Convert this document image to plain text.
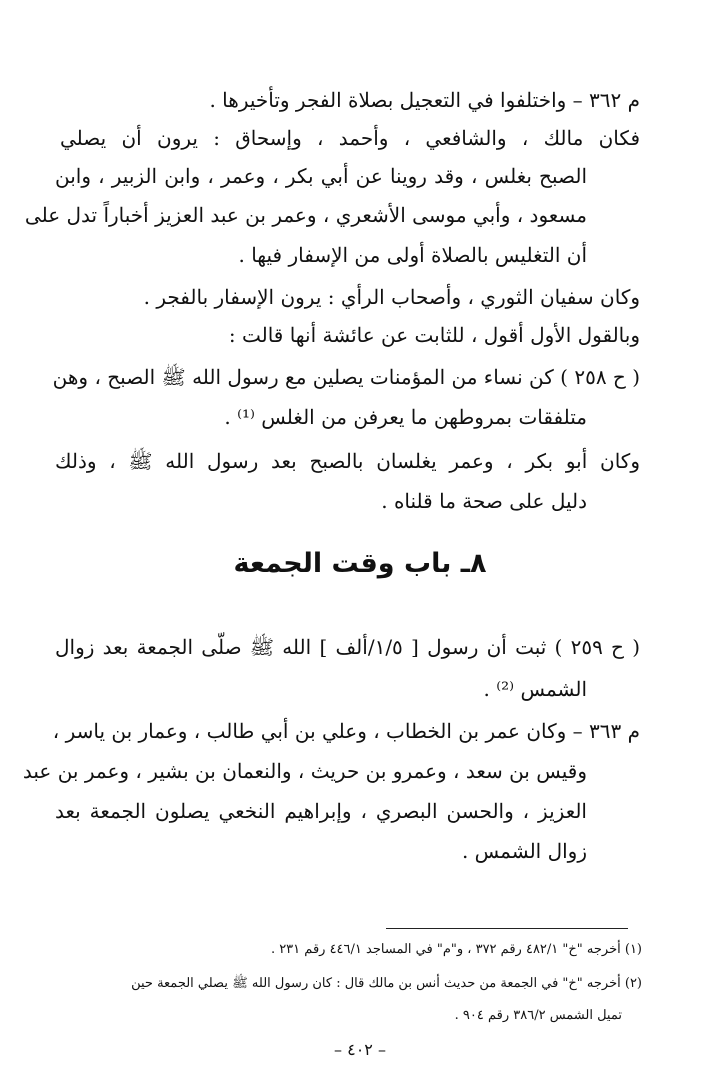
م ٣٦٢ – واختلفوا في التعجيل بصلاة الفجر وتأخيرها .
فكان مالك ، والشافعي ، وأحمد ، وإسحاق : يرون أن يصلي
الصبح بغلس ، وقد روينا عن أبي بكر ، وعمر ، وابن الزبير ، وابن
مسعود ، وأبي موسى الأشعري ، وعمر بن عبد العزيز أخباراً تدل على
أن التغليس بالصلاة أولى من الإسفار فيها .
وكان سفيان الثوري ، وأصحاب الرأي : يرون الإسفار بالفجر .
وبالقول الأول أقول ، للثابت عن عائشة أنها قالت :
( ح ٢٥٨ ) كن نساء من المؤمنات يصلين مع رسول الله ﷺ الصبح ، وهن
متلفقات بمروطهن ما يعرفن من الغلس ⁽¹⁾ .
وكان أبو بكر ، وعمر يغلسان بالصبح بعد رسول الله ﷺ ، وذلك
دليل على صحة ما قلناه .
٨ـ باب وقت الجمعة
( ح ٢٥٩ ) ثبت أن رسول [ ١/٥/ألف ] الله ﷺ صلّى الجمعة بعد زوال
الشمس ⁽²⁾ .
م ٣٦٣ – وكان عمر بن الخطاب ، وعلي بن أبي طالب ، وعمار بن ياسر ،
وقيس بن سعد ، وعمرو بن حريث ، والنعمان بن بشير ، وعمر بن عبد
العزيز ، والحسن البصري ، وإبراهيم النخعي يصلون الجمعة بعد
زوال الشمس .
(١) أخرجه "خ" ٤٨٢/١ رقم ٣٧٢ ، و"م" في المساجد ٤٤٦/١ رقم ٢٣١ .
(٢) أخرجه "خ" في الجمعة من حديث أنس بن مالك قال : كان رسول الله ﷺ يصلي الجمعة حين
تميل الشمس ٣٨٦/٢ رقم ٩٠٤ .
– ٤٠٢ –
